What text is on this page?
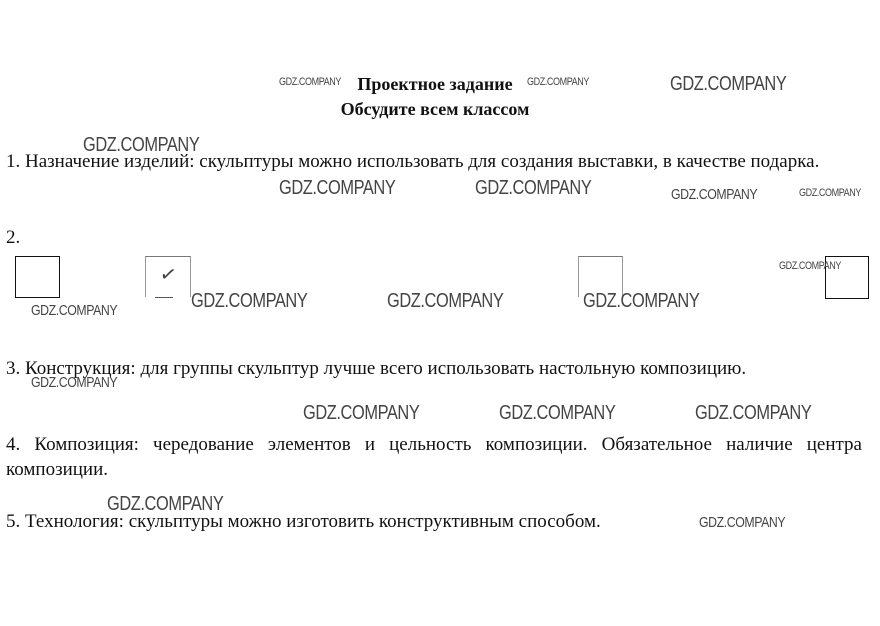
Проектное задание
Обсудите всем классом
1. Назначение изделий: скульптуры можно использовать для создания выставки, в качестве подарка.
2.
✓
3. Конструкция: для группы скульптур лучше всего использовать настольную композицию.
4. Композиция: чередование элементов и цельность композиции. Обязательное наличие центра композиции.
5. Технология: скульптуры можно изготовить конструктивным способом.
GDZ.COMPANY	GDZ.COMPANY	GDZ.COMPANY
GDZ.COMPANY
GDZ.COMPANY	GDZ.COMPANY	GDZ.COMPANY	GDZ.COMPANY
GDZ.COMPANY
GDZ.COMPANY	GDZ.COMPANY	GDZ.COMPANY
GDZ.COMPANY
GDZ.COMPANY
GDZ.COMPANY	GDZ.COMPANY	GDZ.COMPANY
GDZ.COMPANY
GDZ.COMPANY
